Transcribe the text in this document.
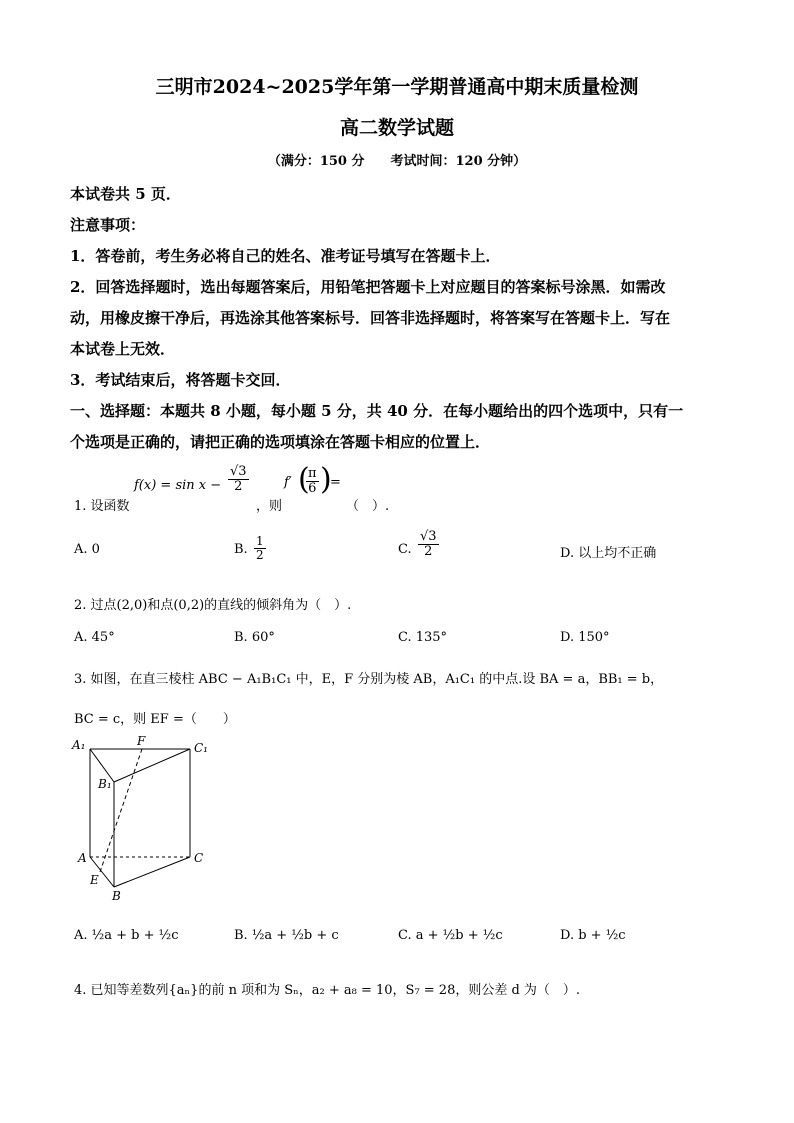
三明市2024~2025学年第一学期普通高中期末质量检测
高二数学试题
（满分：150 分　　考试时间：120 分钟）
本试卷共 5 页．
注意事项：
1．答卷前，考生务必将自己的姓名、准考证号填写在答题卡上．
2．回答选择题时，选出每题答案后，用铅笔把答题卡上对应题目的答案标号涂黑．如需改
动，用橡皮擦干净后，再选涂其他答案标号．回答非选择题时，将答案写在答题卡上．写在
本试卷上无效．
3．考试结束后，将答题卡交回．
一、选择题：本题共 8 小题，每小题 5 分，共 40 分．在每小题给出的四个选项中，只有一
个选项是正确的，请把正确的选项填涂在答题卡相应的位置上．
1. 设函数
$f(x) = \sin x - \frac{√3}{2}$
，则
f′ (
$\frac{\pi}{6}$ )
=
（　）.
A. 0	B. $\frac{1}{2}$	C. $\frac{√3}{2}$	D. 以上均不正确
2. 过点(2,0)和点(0,2)的直线的倾斜角为（　）.
A. 45°	B. 60°	C. 135°	D. 150°
3. 如图，在直三棱柱 ABC − A₁B₁C₁ 中，E，F 分别为棱 AB，A₁C₁ 的中点.设 BA = a，BB₁ = b，
BC = c，则 EF =（　　）
A₁	F	C₁
B₁
A	C
E
B
A. ½a + b + ½c	B. ½a + ½b + c	C. a + ½b + ½c	D. b + ½c
4. 已知等差数列{aₙ}的前 n 项和为 Sₙ，a₂ + a₈ = 10，S₇ = 28，则公差 d 为（　）.
